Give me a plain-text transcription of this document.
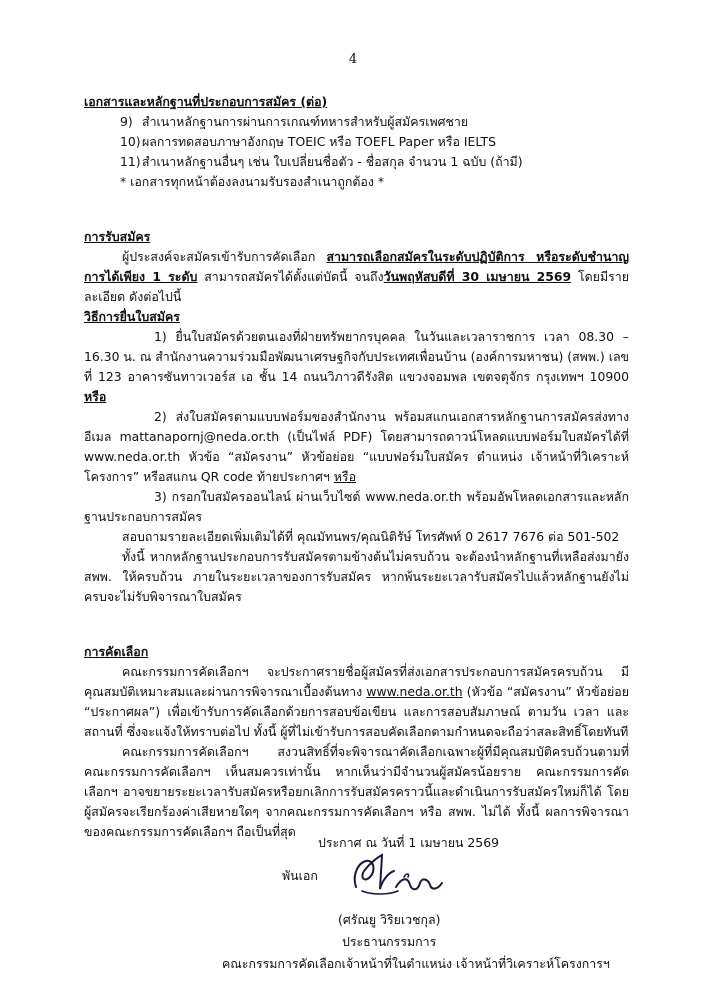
4

เอกสารและหลักฐานที่ประกอบการสมัคร (ต่อ)

9) สำเนาหลักฐานการผ่านการเกณฑ์ทหารสำหรับผู้สมัครเพศชาย

10)ผลการทดสอบภาษาอังกฤษ TOEIC หรือ TOEFL Paper หรือ IELTS

11)สำเนาหลักฐานอื่นๆ เช่น ใบเปลี่ยนชื่อตัว - ชื่อสกุล จำนวน 1 ฉบับ (ถ้ามี)

* เอกสารทุกหน้าต้องลงนามรับรองสำเนาถูกต้อง *

การรับสมัคร

ผู้ประสงค์จะสมัครเข้ารับการคัดเลือก สามารถเลือกสมัครในระดับปฏิบัติการ หรือระดับชำนาญการได้เพียง 1 ระดับ สามารถสมัครได้ตั้งแต่บัดนี้ จนถึงวันพฤหัสบดีที่ 30 เมษายน 2569 โดยมีรายละเอียด ดังต่อไปนี้

วิธีการยื่นใบสมัคร

1) ยื่นใบสมัครด้วยตนเองที่ฝ่ายทรัพยากรบุคคล ในวันและเวลาราชการ เวลา 08.30 – 16.30 น. ณ สำนักงานความร่วมมือพัฒนาเศรษฐกิจกับประเทศเพื่อนบ้าน (องค์การมหาชน) (สพพ.) เลขที่ 123 อาคารซันทาวเวอร์ส เอ ชั้น 14 ถนนวิภาวดีรังสิต แขวงจอมพล เขตจตุจักร กรุงเทพฯ 10900 หรือ

2) ส่งใบสมัครตามแบบฟอร์มของสำนักงาน พร้อมสแกนเอกสารหลักฐานการสมัครส่งทางอีเมล mattanapornj@neda.or.th (เป็นไฟล์ PDF) โดยสามารถดาวน์โหลดแบบฟอร์มใบสมัครได้ที่ www.neda.or.th หัวข้อ “สมัครงาน” หัวข้อย่อย “แบบฟอร์มใบสมัคร ตำแหน่ง เจ้าหน้าที่วิเคราะห์โครงการ” หรือสแกน QR code ท้ายประกาศฯ หรือ

3) กรอกใบสมัครออนไลน์ ผ่านเว็บไซต์ www.neda.or.th พร้อมอัพโหลดเอกสารและหลักฐานประกอบการสมัคร

สอบถามรายละเอียดเพิ่มเติมได้ที่ คุณมัทนพร/คุณนิติรัษ์ โทรศัพท์ 0 2617 7676 ต่อ 501-502

ทั้งนี้ หากหลักฐานประกอบการรับสมัครตามข้างต้นไม่ครบถ้วน จะต้องนำหลักฐานที่เหลือส่งมายัง สพพ. ให้ครบถ้วน ภายในระยะเวลาของการรับสมัคร หากพ้นระยะเวลารับสมัครไปแล้วหลักฐานยังไม่ครบจะไม่รับพิจารณาใบสมัคร

การคัดเลือก

คณะกรรมการคัดเลือกฯ จะประกาศรายชื่อผู้สมัครที่ส่งเอกสารประกอบการสมัครครบถ้วน มีคุณสมบัติเหมาะสมและผ่านการพิจารณาเบื้องต้นทาง www.neda.or.th (หัวข้อ “สมัครงาน” หัวข้อย่อย “ประกาศผล”) เพื่อเข้ารับการคัดเลือกด้วยการสอบข้อเขียน และการสอบสัมภาษณ์ ตามวัน เวลา และสถานที่ ซึ่งจะแจ้งให้ทราบต่อไป ทั้งนี้ ผู้ที่ไม่เข้ารับการสอบคัดเลือกตามกำหนดจะถือว่าสละสิทธิ์โดยทันที

คณะกรรมการคัดเลือกฯ สงวนสิทธิ์ที่จะพิจารณาคัดเลือกเฉพาะผู้ที่มีคุณสมบัติครบถ้วนตามที่คณะกรรมการคัดเลือกฯ เห็นสมควรเท่านั้น หากเห็นว่ามีจำนวนผู้สมัครน้อยราย คณะกรรมการคัดเลือกฯ อาจขยายระยะเวลารับสมัครหรือยกเลิกการรับสมัครคราวนี้และดำเนินการรับสมัครใหม่ก็ได้ โดยผู้สมัครจะเรียกร้องค่าเสียหายใดๆ จากคณะกรรมการคัดเลือกฯ หรือ สพพ. ไม่ได้ ทั้งนี้ ผลการพิจารณาของคณะกรรมการคัดเลือกฯ ถือเป็นที่สุด

ประกาศ ณ วันที่ 1 เมษายน 2569
พันเอก
(ศรัณยู วิริยเวชกุล)
ประธานกรรมการ
คณะกรรมการคัดเลือกเจ้าหน้าที่ในตำแหน่ง เจ้าหน้าที่วิเคราะห์โครงการฯ
